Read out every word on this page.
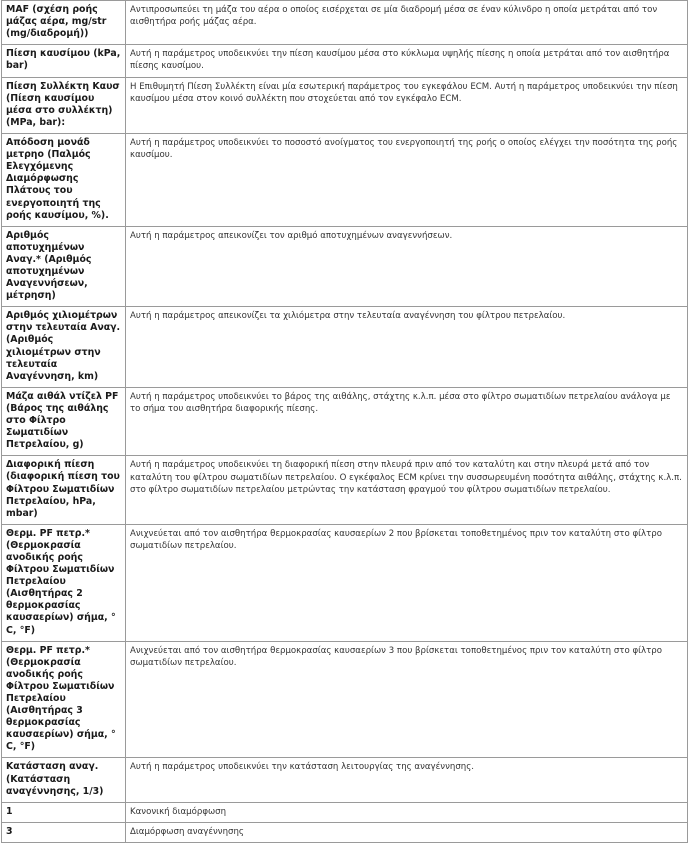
MAF (σχέση ροής μάζας αέρα, mg/str (mg/διαδρομή))	Αντιπροσωπεύει τη μάζα του αέρα ο οποίος εισέρχεται σε μία διαδρομή μέσα σε έναν κύλινδρο η οποία μετράται από τον αισθητήρα ροής μάζας αέρα.
Πίεση καυσίμου (kPa, bar)	Αυτή η παράμετρος υποδεικνύει την πίεση καυσίμου μέσα στο κύκλωμα υψηλής πίεσης η οποία μετράται από τον αισθητήρα πίεσης καυσίμου.
Πίεση Συλλέκτη Καυσ (Πίεση καυσίμου μέσα στο συλλέκτη) (MPa, bar):	Η Επιθυμητή Πίεση Συλλέκτη είναι μία εσωτερική παράμετρος του εγκεφάλου ECM. Αυτή η παράμετρος υποδεικνύει την πίεση καυσίμου μέσα στον κοινό συλλέκτη που στοχεύεται από τον εγκέφαλο ECM.
Απόδοση μονάδ μετρηο (Παλμός Ελεγχόμενης Διαμόρφωσης Πλάτους του ενεργοποιητή της ροής καυσίμου, %).	Αυτή η παράμετρος υποδεικνύει το ποσοστό ανοίγματος του ενεργοποιητή της ροής ο οποίος ελέγχει την ποσότητα της ροής καυσίμου.
Αριθμός αποτυχημένων Αναγ.* (Αριθμός αποτυχημένων Αναγεννήσεων, μέτρηση)	Αυτή η παράμετρος απεικονίζει τον αριθμό αποτυχημένων αναγεννήσεων.
Αριθμός χιλιομέτρων στην τελευταία Αναγ. (Αριθμός χιλιομέτρων στην τελευταία Αναγέννηση, km)	Αυτή η παράμετρος απεικονίζει τα χιλιόμετρα στην τελευταία αναγέννηση του φίλτρου πετρελαίου.
Μάζα αιθάλ ντίζελ PF (Βάρος της αιθάλης στο Φίλτρο Σωματιδίων Πετρελαίου, g)	Αυτή η παράμετρος υποδεικνύει το βάρος της αιθάλης, στάχτης κ.λ.π. μέσα στο φίλτρο σωματιδίων πετρελαίου ανάλογα με το σήμα του αισθητήρα διαφορικής πίεσης.
Διαφορική πίεση (διαφορική πίεση του Φίλτρου Σωματιδίων Πετρελαίου, hPa, mbar)	Αυτή η παράμετρος υποδεικνύει τη διαφορική πίεση στην πλευρά πριν από τον καταλύτη και στην πλευρά μετά από τον καταλύτη του φίλτρου σωματιδίων πετρελαίου. Ο εγκέφαλος ECM κρίνει την συσσωρευμένη ποσότητα αιθάλης, στάχτης κ.λ.π. στο φίλτρο σωματιδίων πετρελαίου μετρώντας την κατάσταση φραγμού του φίλτρου σωματιδίων πετρελαίου.
Θερμ. PF πετρ.* (Θερμοκρασία ανοδικής ροής Φίλτρου Σωματιδίων Πετρελαίου (Αισθητήρας 2 θερμοκρασίας καυσαερίων) σήμα, ° C, °F)	Ανιχνεύεται από τον αισθητήρα θερμοκρασίας καυσαερίων 2 που βρίσκεται τοποθετημένος πριν τον καταλύτη στο φίλτρο σωματιδίων πετρελαίου.
Θερμ. PF πετρ.* (Θερμοκρασία ανοδικής ροής Φίλτρου Σωματιδίων Πετρελαίου (Αισθητήρας 3 θερμοκρασίας καυσαερίων) σήμα, ° C, °F)	Ανιχνεύεται από τον αισθητήρα θερμοκρασίας καυσαερίων 3 που βρίσκεται τοποθετημένος πριν τον καταλύτη στο φίλτρο σωματιδίων πετρελαίου.
Κατάσταση αναγ. (Κατάσταση αναγέννησης, 1/3)	Αυτή η παράμετρος υποδεικνύει την κατάσταση λειτουργίας της αναγέννησης.
1	Κανονική διαμόρφωση
3	Διαμόρφωση αναγέννησης
